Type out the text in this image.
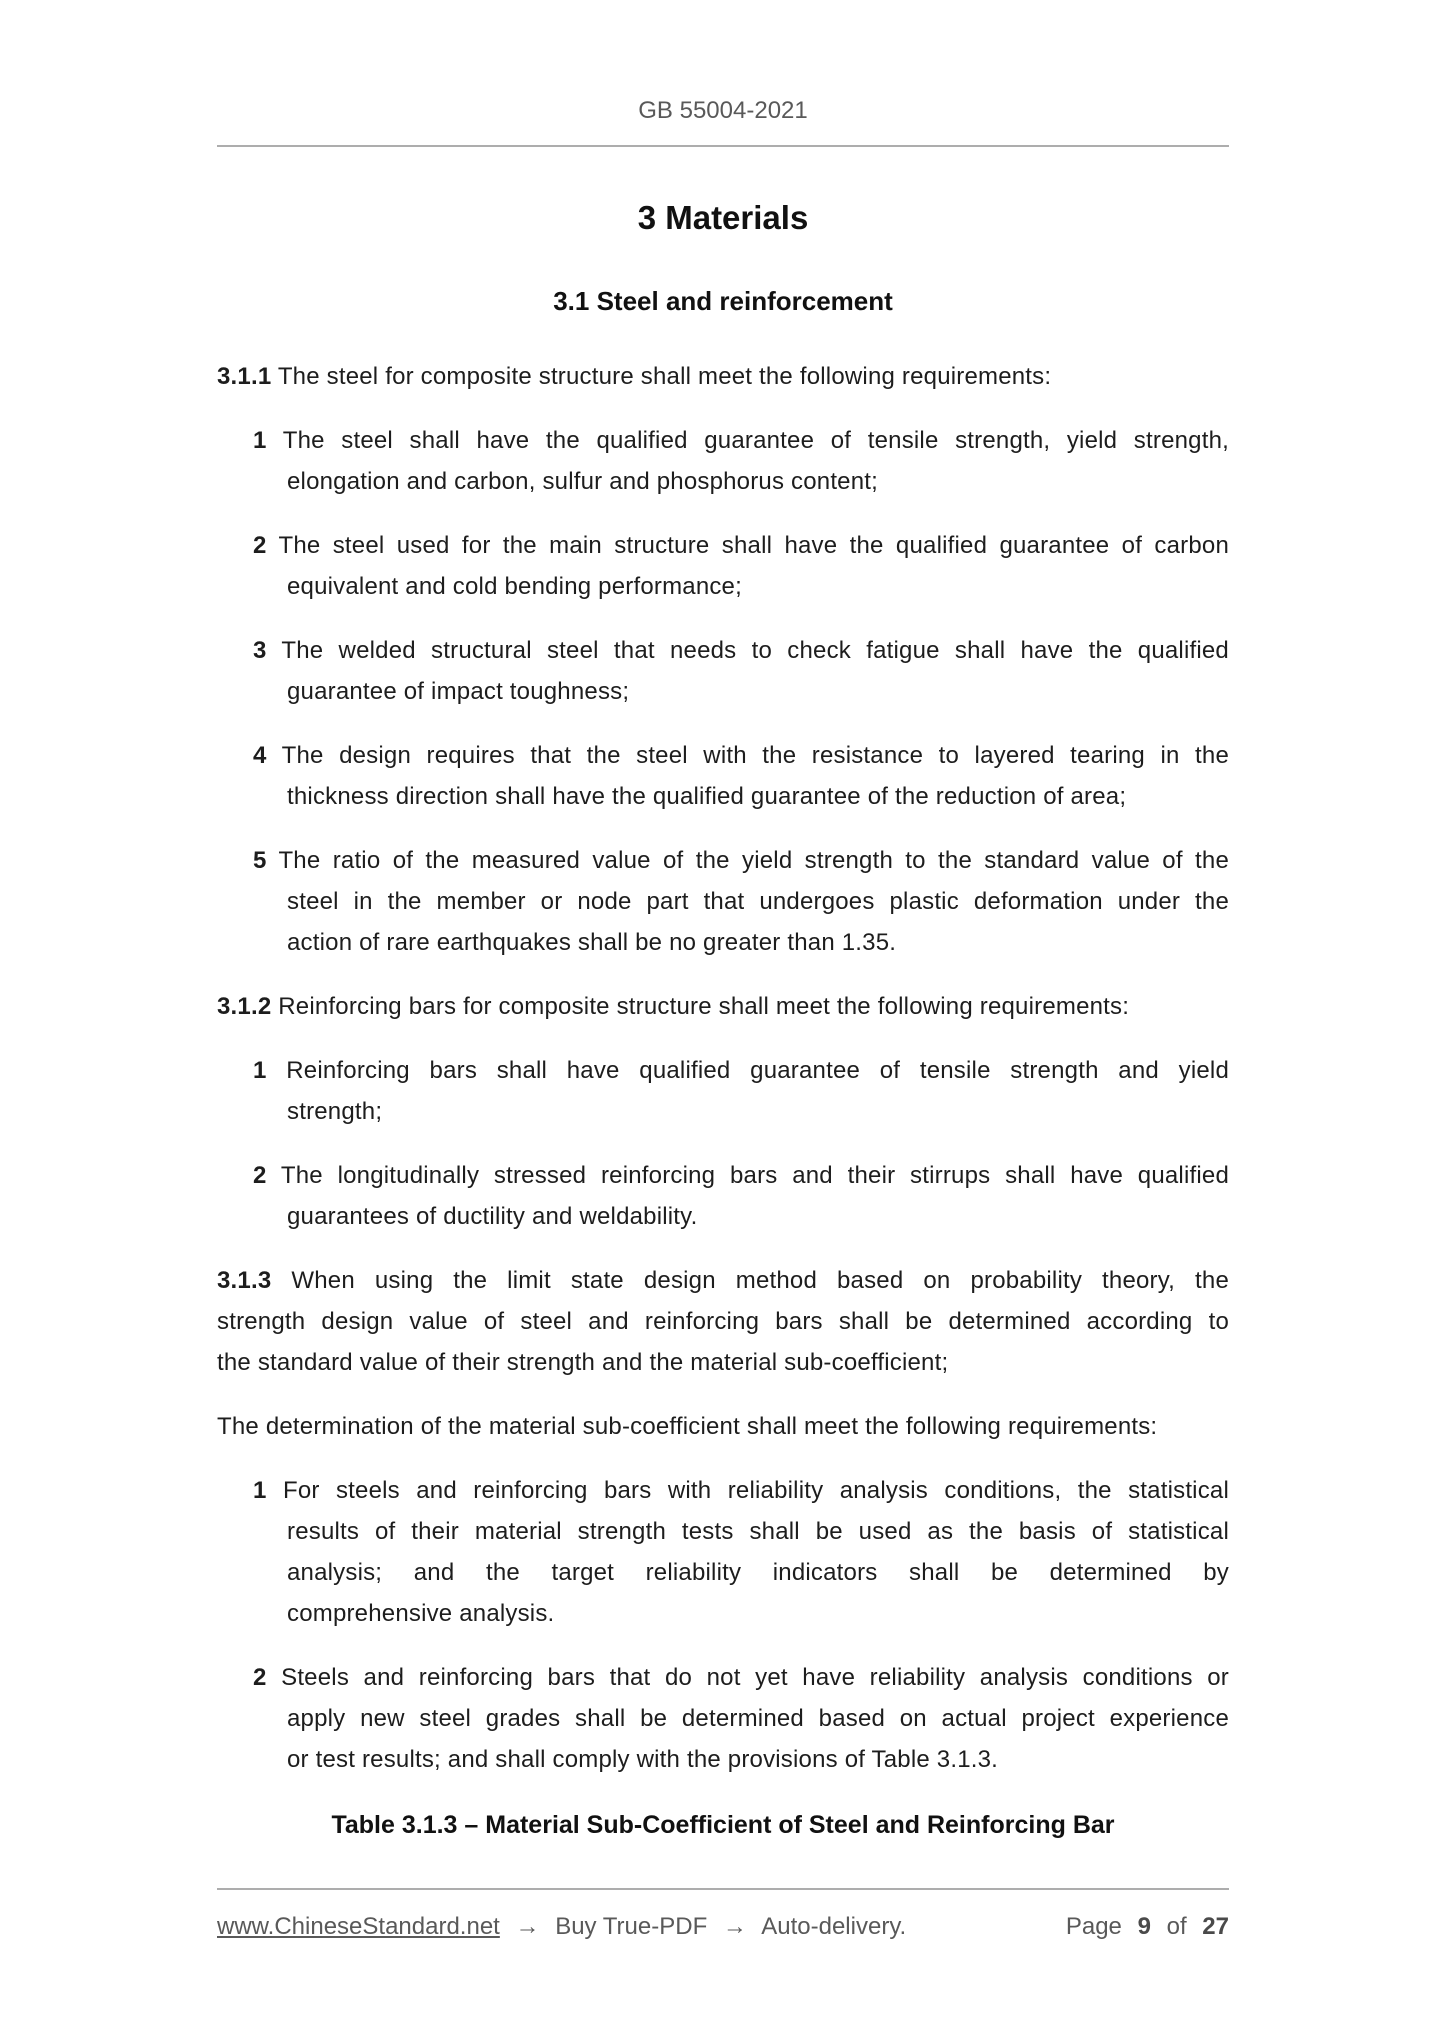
GB 55004-2021
3 Materials
3.1 Steel and reinforcement
3.1.1 The steel for composite structure shall meet the following requirements:
1 The steel shall have the qualified guarantee of tensile strength, yield strength,
elongation and carbon, sulfur and phosphorus content;
2 The steel used for the main structure shall have the qualified guarantee of carbon
equivalent and cold bending performance;
3 The welded structural steel that needs to check fatigue shall have the qualified
guarantee of impact toughness;
4 The design requires that the steel with the resistance to layered tearing in the
thickness direction shall have the qualified guarantee of the reduction of area;
5 The ratio of the measured value of the yield strength to the standard value of the
steel in the member or node part that undergoes plastic deformation under the
action of rare earthquakes shall be no greater than 1.35.
3.1.2 Reinforcing bars for composite structure shall meet the following requirements:
1 Reinforcing bars shall have qualified guarantee of tensile strength and yield
strength;
2 The longitudinally stressed reinforcing bars and their stirrups shall have qualified
guarantees of ductility and weldability.
3.1.3 When using the limit state design method based on probability theory, the
strength design value of steel and reinforcing bars shall be determined according to
the standard value of their strength and the material sub-coefficient;
The determination of the material sub-coefficient shall meet the following requirements:
1 For steels and reinforcing bars with reliability analysis conditions, the statistical
results of their material strength tests shall be used as the basis of statistical
analysis; and the target reliability indicators shall be determined by
comprehensive analysis.
2 Steels and reinforcing bars that do not yet have reliability analysis conditions or
apply new steel grades shall be determined based on actual project experience
or test results; and shall comply with the provisions of Table 3.1.3.
Table 3.1.3 – Material Sub-Coefficient of Steel and Reinforcing Bar
www.ChineseStandard.net → Buy True-PDF → Auto-delivery.	Page 9 of 27
